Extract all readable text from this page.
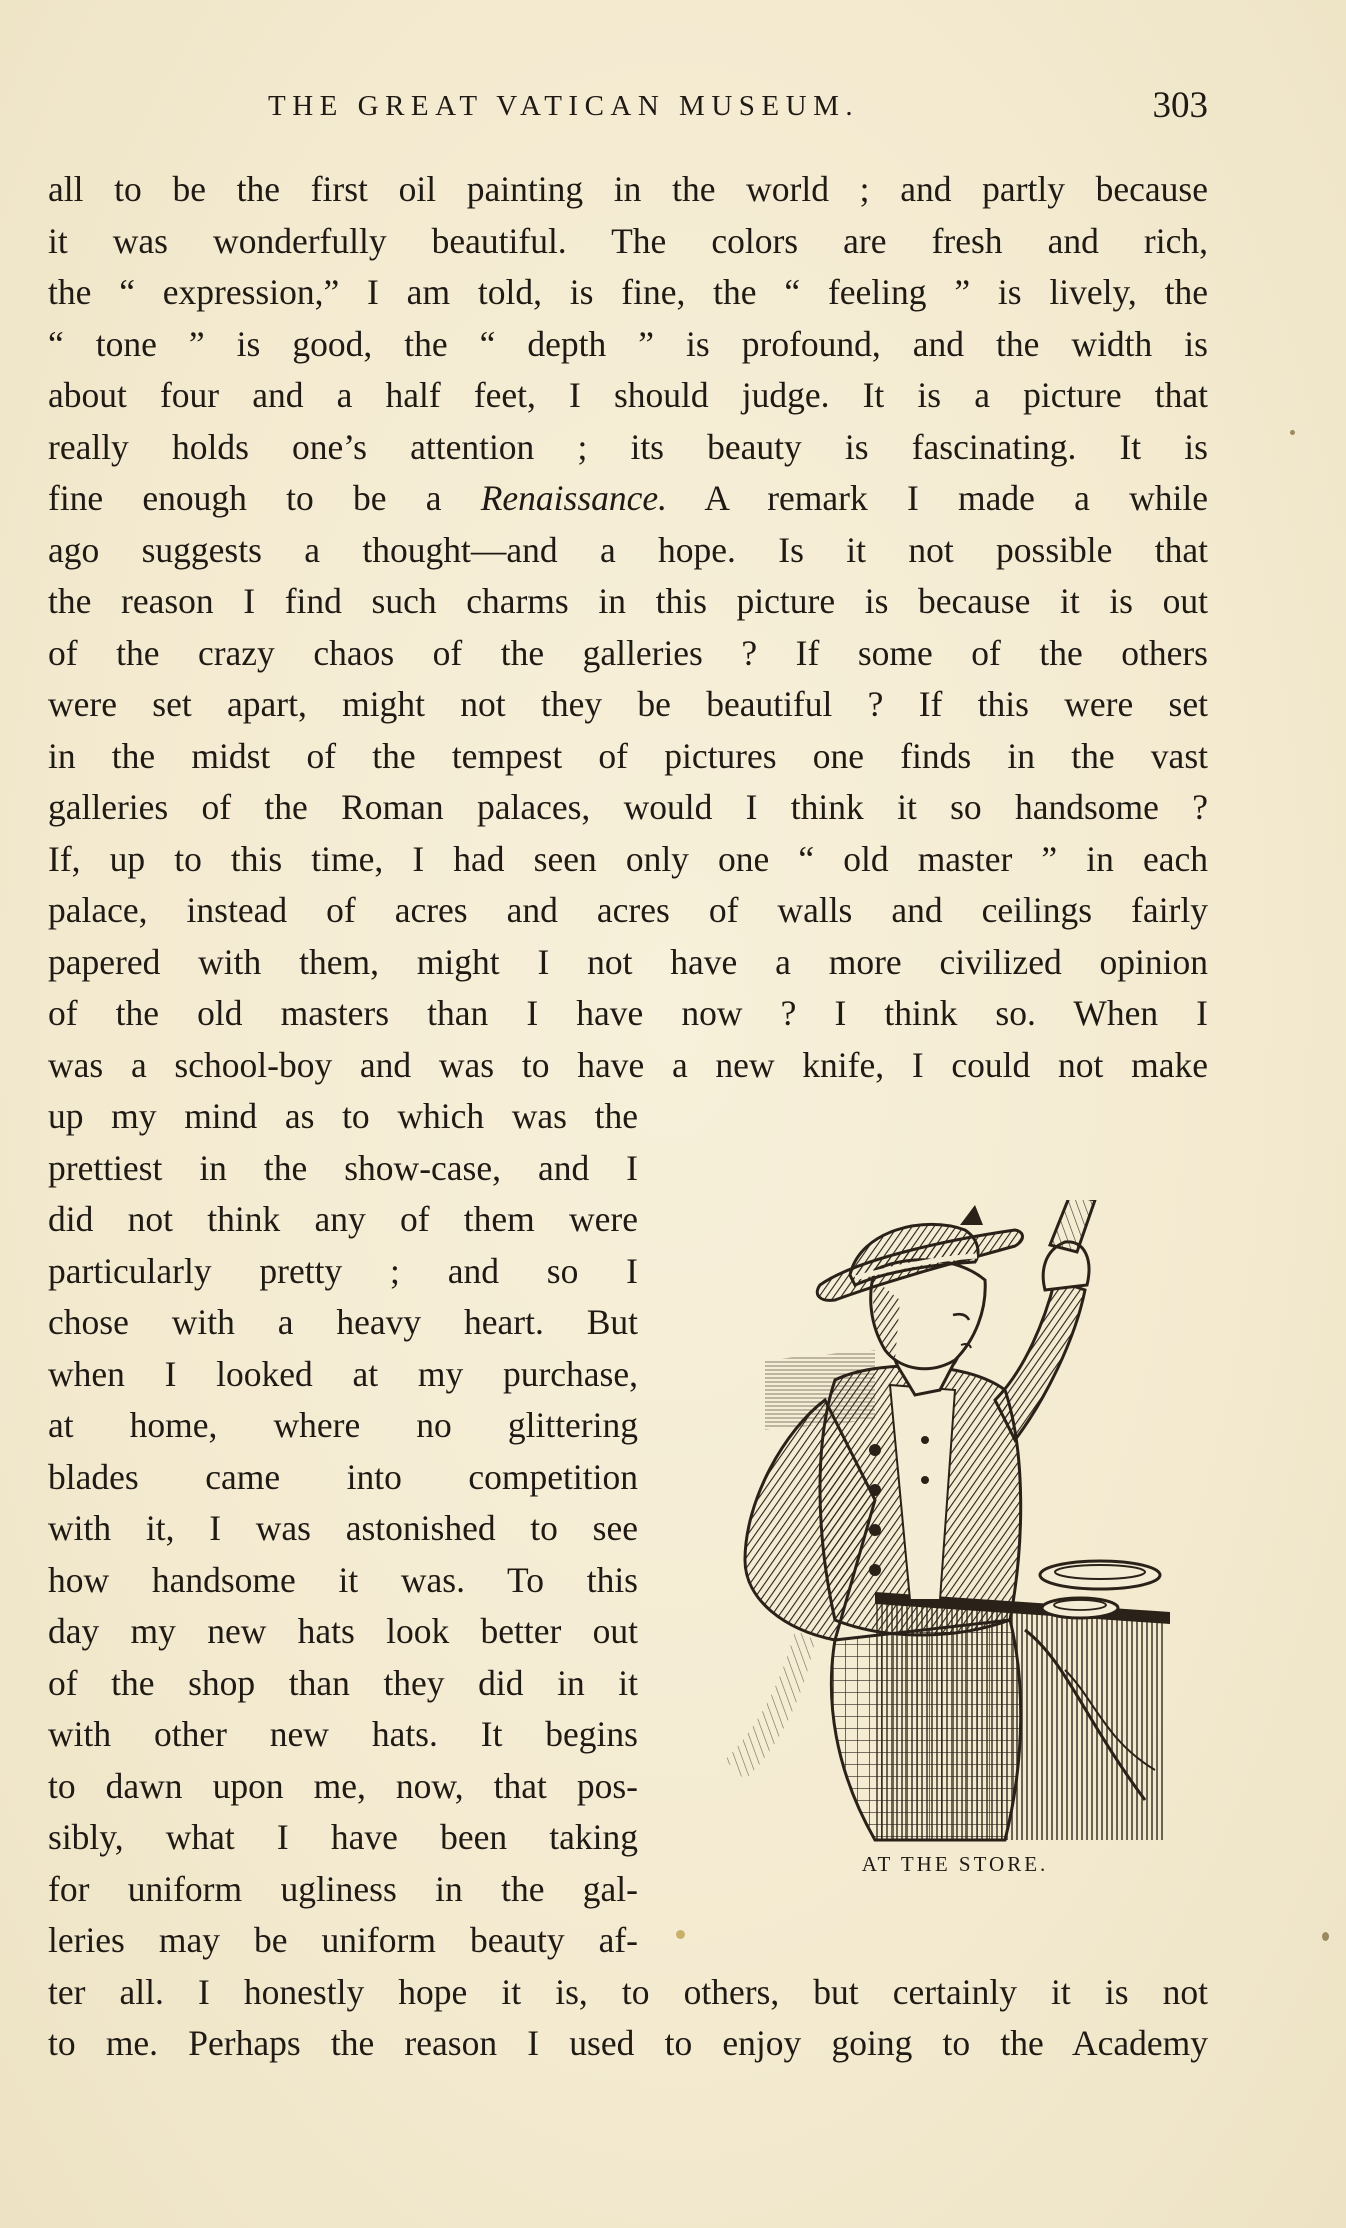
THE GREAT VATICAN MUSEUM.	303
all to be the first oil painting in the world ; and partly because
it was wonderfully beautiful. The colors are fresh and rich,
the “ expression,” I am told, is fine, the “ feeling ” is lively, the
“ tone ” is good, the “ depth ” is profound, and the width is
about four and a half feet, I should judge. It is a picture that
really holds one’s attention ; its beauty is fascinating. It is
fine enough to be a Renaissance. A remark I made a while
ago suggests a thought—and a hope. Is it not possible that
the reason I find such charms in this picture is because it is out
of the crazy chaos of the galleries ? If some of the others
were set apart, might not they be beautiful ? If this were set
in the midst of the tempest of pictures one finds in the vast
galleries of the Roman palaces, would I think it so handsome ?
If, up to this time, I had seen only one “ old master ” in each
palace, instead of acres and acres of walls and ceilings fairly
papered with them, might I not have a more civilized opinion
of the old masters than I have now ? I think so. When I
was a school-boy and was to have a new knife, I could not make
up my mind as to which was the
prettiest in the show-case, and I
did not think any of them were
particularly pretty ; and so I
chose with a heavy heart. But
when I looked at my purchase,
at home, where no glittering
blades came into competition
with it, I was astonished to see
how handsome it was. To this
day my new hats look better out
of the shop than they did in it
with other new hats. It begins
to dawn upon me, now, that pos-
sibly, what I have been taking
for uniform ugliness in the gal-
leries may be uniform beauty af-
ter all. I honestly hope it is, to others, but certainly it is not
to me. Perhaps the reason I used to enjoy going to the Academy
AT THE STORE.
